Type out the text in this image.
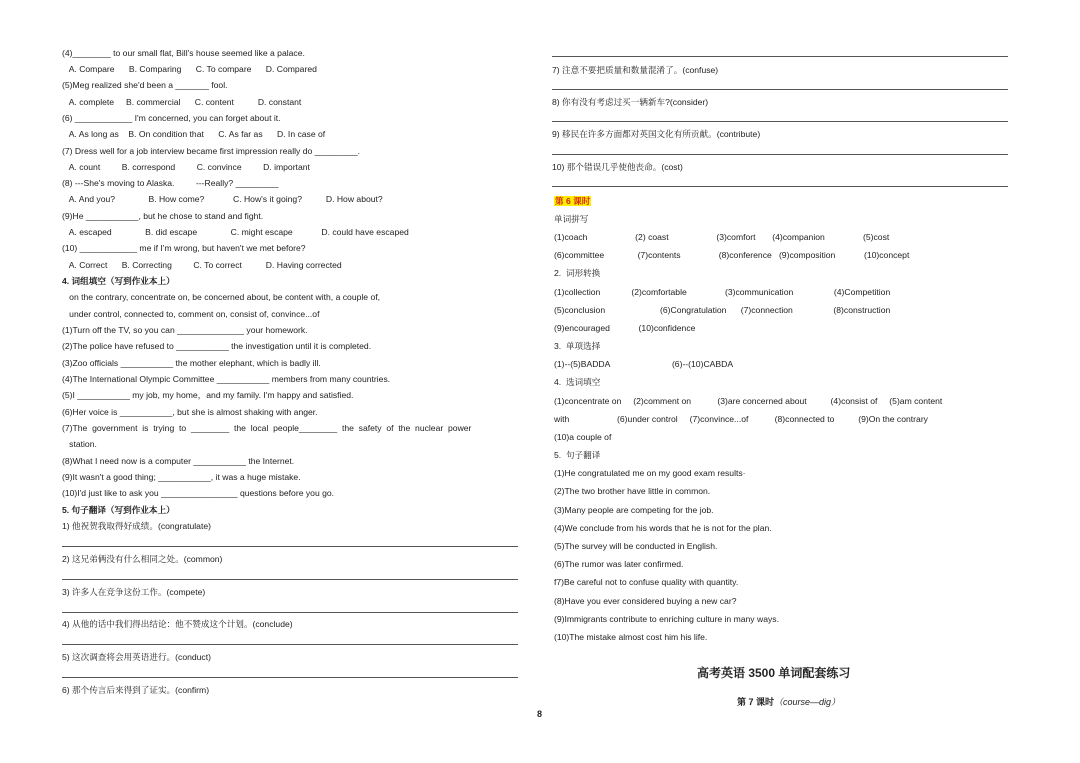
(4)________ to our small flat, Bill's house seemed like a palace.
A. Compare      B. Comparing      C. To compare      D. Compared
(5)Meg realized she'd been a _______ fool.
A. complete     B. commercial      C. content          D. constant
(6) ____________ I'm concerned, you can forget about it.
A. As long as    B. On condition that      C. As far as      D. In case of
(7) Dress well for a job interview became first impression really do _________.
A. count         B. correspond         C. convince         D. important
(8) ---She's moving to Alaska.         ---Really? _________
A. And you?              B. How come?            C. How's it going?          D. How about?
(9)He ___________, but he chose to stand and fight.
A. escaped              B. did escape              C. might escape            D. could have escaped
(10) ____________ me if I'm wrong, but haven't we met before?
A. Correct      B. Correcting         C. To correct          D. Having corrected
4. 词组填空（写到作业本上）
on the contrary, concentrate on, be concerned about, be content with, a couple of,
under control, connected to, comment on, consist of, convince...of
(1)Turn off the TV, so you can ______________ your homework.
(2)The police have refused to ___________ the investigation until it is completed.
(3)Zoo officials ___________ the mother elephant, which is badly ill.
(4)The International Olympic Committee ___________ members from many countries.
(5)I ___________ my job, my home，and my family. I'm happy and satisfied.
(6)Her voice is ___________, but she is almost shaking with anger.
(7)The  government  is  trying  to  ________  the  local  people________  the  safety  of  the  nuclear  power
station.
(8)What I need now is a computer ___________ the Internet.
(9)It wasn't a good thing; ___________, it was a huge mistake.
(10)I'd just like to ask you ________________ questions before you go.
5. 句子翻译（写到作业本上）
1) 他祝贺我取得好成绩。(congratulate)
2) 这兄弟俩没有什么相同之处。(common)
3) 许多人在竞争这份工作。(compete)
4) 从他的话中我们得出结论：他不赞成这个计划。(conclude)
5) 这次调查将会用英语进行。(conduct)
6) 那个传言后来得到了证实。(confirm)
7) 注意不要把质量和数量混淆了。(confuse)
8) 你有没有考虑过买一辆新车?(consider)
9) 移民在许多方面都对英国文化有所贡献。(contribute)
10) 那个错误几乎使他丧命。(cost)
第 6 课时
单词拼写
(1)coach                    (2) coast                    (3)comfort       (4)companion                (5)cost
(6)committee              (7)contents                (8)conference   (9)composition            (10)concept
2.  词形转换
(1)collection             (2)comfortable                (3)communication                 (4)Competition
(5)conclusion                       (6)Congratulation      (7)connection                 (8)construction
(9)encouraged            (10)confidence
3.  单项选择
(1)--(5)BADDA                          (6)--(10)CABDA
4.  选词填空
(1)concentrate on     (2)comment on           (3)are concerned about          (4)consist of     (5)am content
with                    (6)under control     (7)convince...of           (8)connected to          (9)On the contrary
(10)a couple of
5.  句子翻译
(1)He congratulated me on my good exam results·
(2)The two brother have little in common.
(3)Many people are competing for the job.
(4)We conclude from his words that he is not for the plan.
(5)The survey will be conducted in English.
(6)The rumor was later confirmed.
f7)Be careful not to confuse quality with quantity.
(8)Have you ever considered buying a new car?
(9)Immigrants contribute to enriching culture in many ways.
(10)The mistake almost cost him his life.
高考英语 3500 单词配套练习

第 7 课时（course—dig）

8
